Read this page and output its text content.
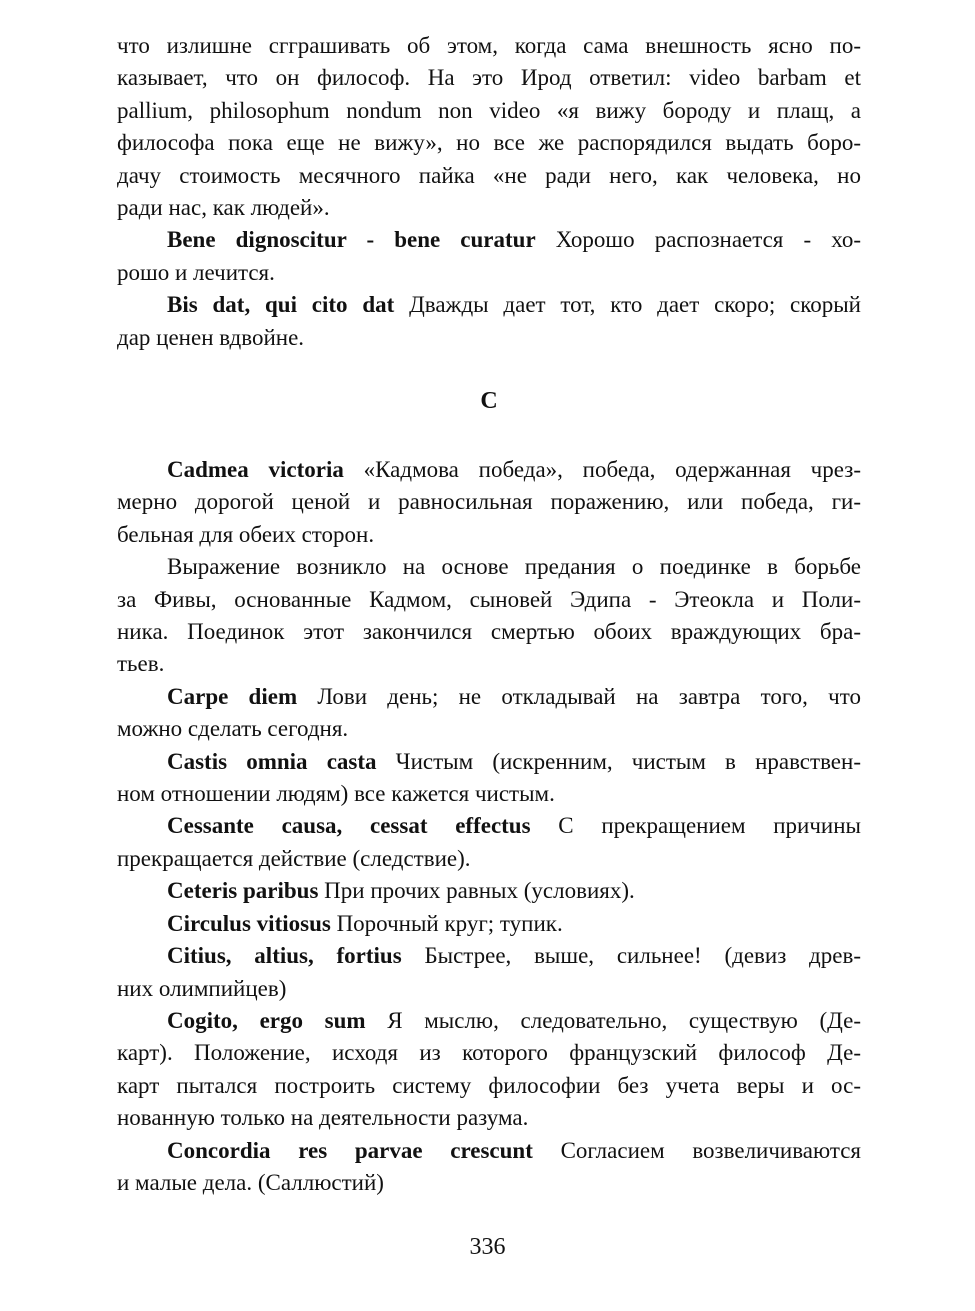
что излишне сгграшивать об этом, когда сама внешность ясно по-
казывает, что он философ. На это Ирод ответил: video barbam et
pallium, philosophum nondum non video «я вижу бороду и плащ, а
философа пока еще не вижу», но все же распорядился выдать боро-
дачу стоимость месячного пайка «не ради него, как человека, но
ради нас, как людей».
Bene dignoscitur - bene curatur Хорошо распознается - хо-
рошо и лечится.
Bis dat, qui cito dat Дважды дает тот, кто дает скоро; скорый
дар ценен вдвойне.
C
Cadmea victoria «Кадмова победа», победа, одержанная чрез-
мерно дорогой ценой и равносильная поражению, или победа, ги-
бельная для обеих сторон.
Выражение возникло на основе предания о поединке в борьбе
за Фивы, основанные Кадмом, сыновей Эдипа - Этеокла и Поли-
ника. Поединок этот закончился смертью обоих враждующих бра-
тьев.
Carpe diem Лови день; не откладывай на завтра того, что
можно сделать сегодня.
Castis omnia casta Чистым (искренним, чистым в нравствен-
ном отношении людям) все кажется чистым.
Cessante causa, cessat effectus С прекращением причины
прекращается действие (следствие).
Ceteris paribus При прочих равных (условиях).
Circulus vitiosus Порочный круг; тупик.
Citius, altius, fortius Быстрее, выше, сильнее! (девиз древ-
них олимпийцев)
Cogito, ergo sum Я мыслю, следовательно, существую (Де-
карт). Положение, исходя из которого французский философ Де-
карт пытался построить систему философии без учета веры и ос-
нованную только на деятельности разума.
Concordia res parvae crescunt Согласием возвеличиваются
и малые дела. (Саллюстий)
336
